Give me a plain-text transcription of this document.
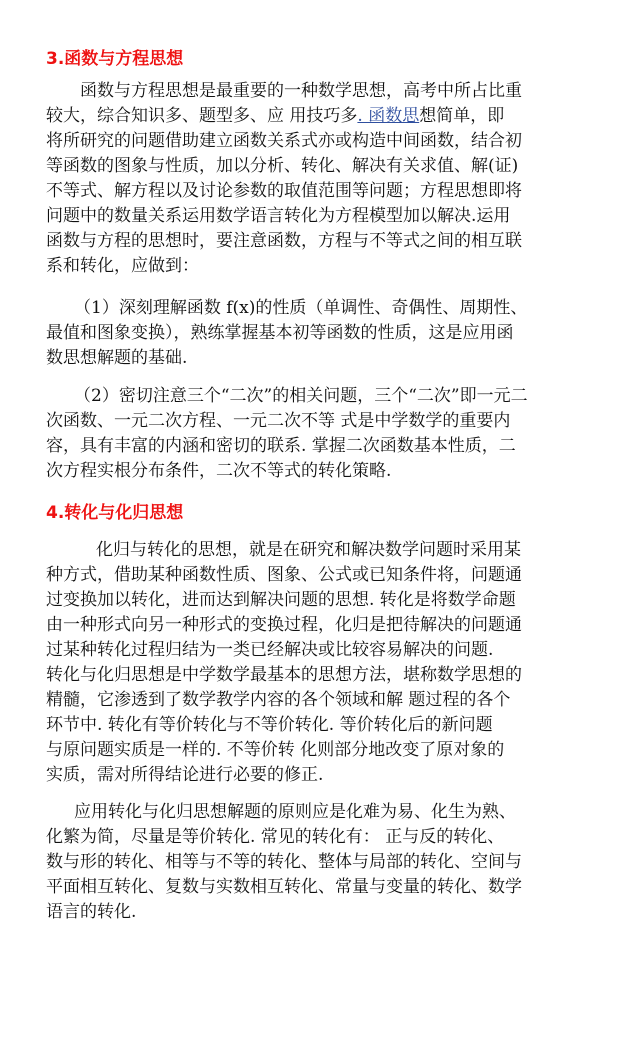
3.函数与方程思想
函数与方程思想是最重要的一种数学思想，高考中所占比重
较大，综合知识多、题型多、应 用技巧多. 函数思想简单，即
将所研究的问题借助建立函数关系式亦或构造中间函数，结合初
等函数的图象与性质，加以分析、转化、解决有关求值、解(证)
不等式、解方程以及讨论参数的取值范围等问题；方程思想即将
问题中的数量关系运用数学语言转化为方程模型加以解决.运用
函数与方程的思想时，要注意函数，方程与不等式之间的相互联
系和转化，应做到：
（1）深刻理解函数 f(x)的性质（单调性、奇偶性、周期性、
最值和图象变换），熟练掌握基本初等函数的性质，这是应用函
数思想解题的基础.
（2）密切注意三个“二次”的相关问题，三个“二次”即一元二
次函数、一元二次方程、一元二次不等 式是中学数学的重要内
容，具有丰富的内涵和密切的联系. 掌握二次函数基本性质，二
次方程实根分布条件，二次不等式的转化策略.
4.转化与化归思想
化归与转化的思想，就是在研究和解决数学问题时采用某
种方式，借助某种函数性质、图象、公式或已知条件将，问题通
过变换加以转化，进而达到解决问题的思想. 转化是将数学命题
由一种形式向另一种形式的变换过程，化归是把待解决的问题通
过某种转化过程归结为一类已经解决或比较容易解决的问题.
转化与化归思想是中学数学最基本的思想方法，堪称数学思想的
精髓，它渗透到了数学教学内容的各个领域和解 题过程的各个
环节中. 转化有等价转化与不等价转化. 等价转化后的新问题
与原问题实质是一样的. 不等价转 化则部分地改变了原对象的
实质，需对所得结论进行必要的修正.
应用转化与化归思想解题的原则应是化难为易、化生为熟、
化繁为简，尽量是等价转化. 常见的转化有： 正与反的转化、
数与形的转化、相等与不等的转化、整体与局部的转化、空间与
平面相互转化、复数与实数相互转化、常量与变量的转化、数学
语言的转化.
